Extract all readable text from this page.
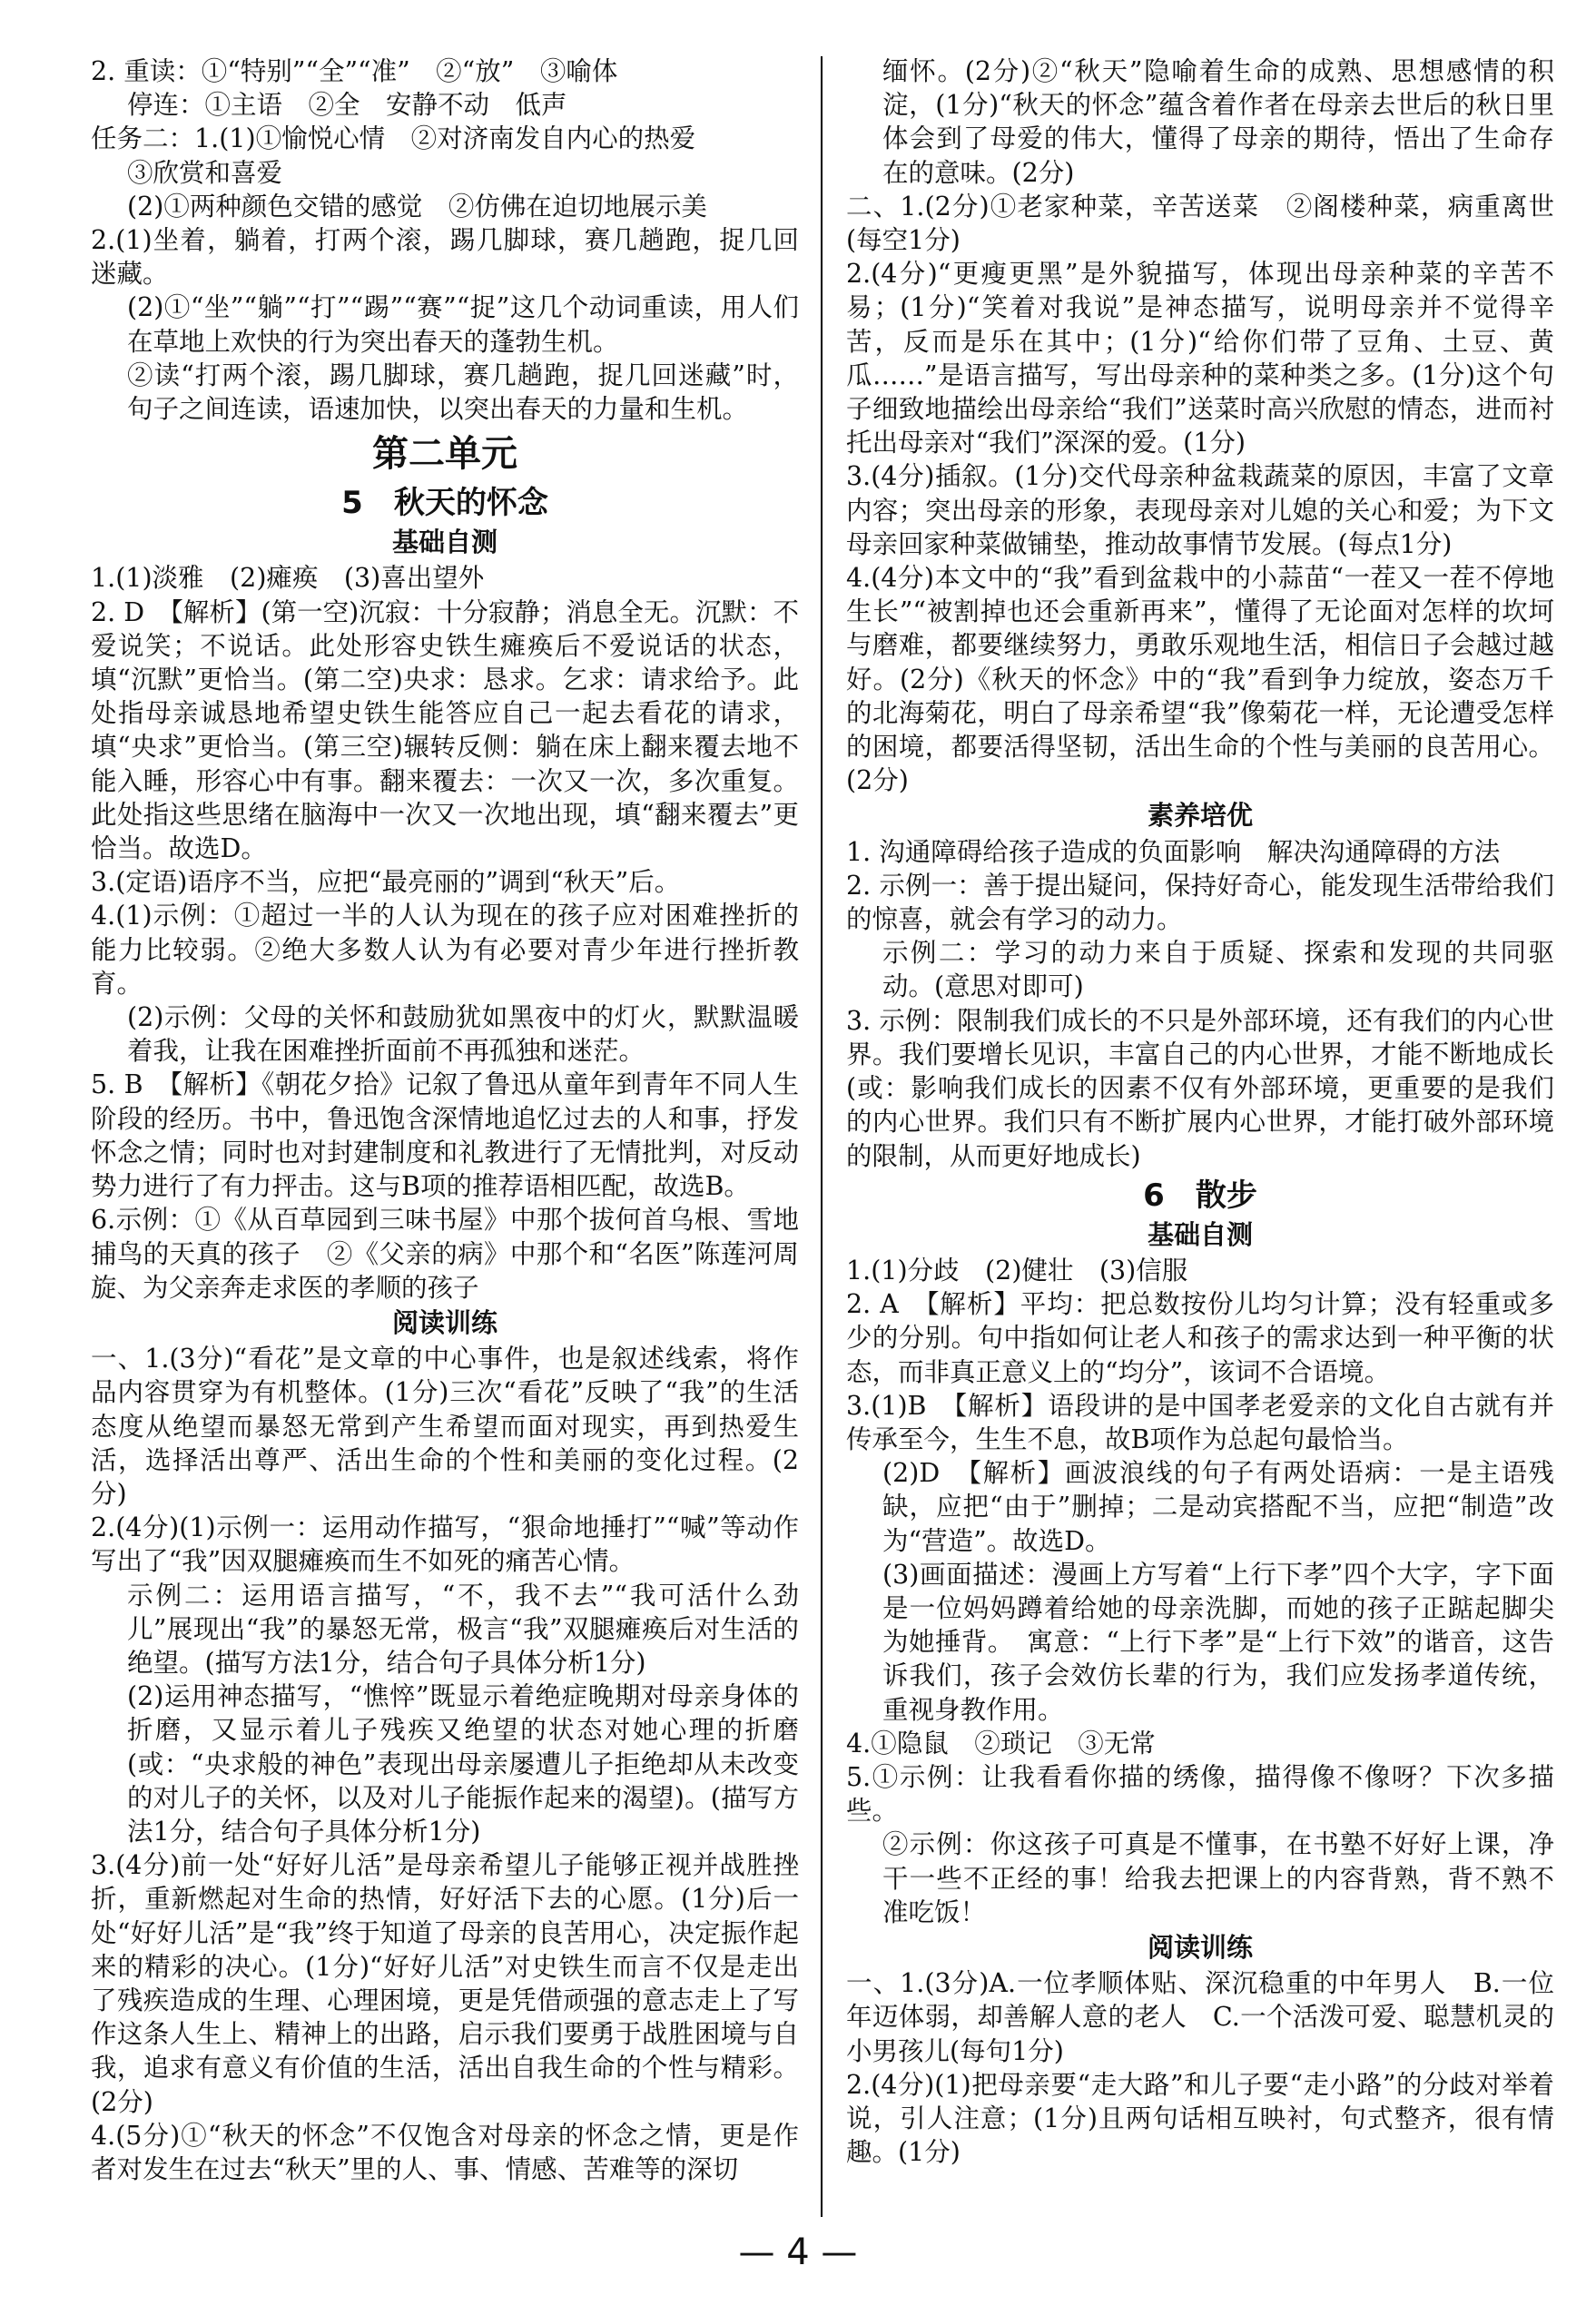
2. 重读：①“特别”“全”“准”　②“放”　③喻体
停连：①主语　②全　安静不动　低声
任务二：1.(1)①愉悦心情　②对济南发自内心的热爱
③欣赏和喜爱
(2)①两种颜色交错的感觉　②仿佛在迫切地展示美
2.(1)坐着，躺着，打两个滚，踢几脚球，赛几趟跑，捉几回迷藏。
(2)①“坐”“躺”“打”“踢”“赛”“捉”这几个动词重读，用人们在草地上欢快的行为突出春天的蓬勃生机。
②读“打两个滚，踢几脚球，赛几趟跑，捉几回迷藏”时，句子之间连读，语速加快，以突出春天的力量和生机。
第二单元
5　秋天的怀念
基础自测
1.(1)淡雅　(2)瘫痪　(3)喜出望外
2. D　【解析】(第一空)沉寂：十分寂静；消息全无。沉默：不爱说笑；不说话。此处形容史铁生瘫痪后不爱说话的状态，填“沉默”更恰当。(第二空)央求：恳求。乞求：请求给予。此处指母亲诚恳地希望史铁生能答应自己一起去看花的请求，填“央求”更恰当。(第三空)辗转反侧：躺在床上翻来覆去地不能入睡，形容心中有事。翻来覆去：一次又一次，多次重复。此处指这些思绪在脑海中一次又一次地出现，填“翻来覆去”更恰当。故选D。
3.(定语)语序不当，应把“最亮丽的”调到“秋天”后。
4.(1)示例：①超过一半的人认为现在的孩子应对困难挫折的能力比较弱。②绝大多数人认为有必要对青少年进行挫折教育。
(2)示例：父母的关怀和鼓励犹如黑夜中的灯火，默默温暖着我，让我在困难挫折面前不再孤独和迷茫。
5. B　【解析】《朝花夕拾》记叙了鲁迅从童年到青年不同人生阶段的经历。书中，鲁迅饱含深情地追忆过去的人和事，抒发怀念之情；同时也对封建制度和礼教进行了无情批判，对反动势力进行了有力抨击。这与B项的推荐语相匹配，故选B。
6.示例：①《从百草园到三味书屋》中那个拔何首乌根、雪地捕鸟的天真的孩子　②《父亲的病》中那个和“名医”陈莲河周旋、为父亲奔走求医的孝顺的孩子
阅读训练
一、1.(3分)“看花”是文章的中心事件，也是叙述线索，将作品内容贯穿为有机整体。(1分)三次“看花”反映了“我”的生活态度从绝望而暴怒无常到产生希望而面对现实，再到热爱生活，选择活出尊严、活出生命的个性和美丽的变化过程。(2分)
2.(4分)(1)示例一：运用动作描写，“狠命地捶打”“喊”等动作写出了“我”因双腿瘫痪而生不如死的痛苦心情。
示例二：运用语言描写，“不，我不去”“我可活什么劲儿”展现出“我”的暴怒无常，极言“我”双腿瘫痪后对生活的绝望。(描写方法1分，结合句子具体分析1分)
(2)运用神态描写，“憔悴”既显示着绝症晚期对母亲身体的折磨，又显示着儿子残疾又绝望的状态对她心理的折磨(或：“央求般的神色”表现出母亲屡遭儿子拒绝却从未改变的对儿子的关怀，以及对儿子能振作起来的渴望)。(描写方法1分，结合句子具体分析1分)
3.(4分)前一处“好好儿活”是母亲希望儿子能够正视并战胜挫折，重新燃起对生命的热情，好好活下去的心愿。(1分)后一处“好好儿活”是“我”终于知道了母亲的良苦用心，决定振作起来的精彩的决心。(1分)“好好儿活”对史铁生而言不仅是走出了残疾造成的生理、心理困境，更是凭借顽强的意志走上了写作这条人生上、精神上的出路，启示我们要勇于战胜困境与自我，追求有意义有价值的生活，活出自我生命的个性与精彩。(2分)
4.(5分)①“秋天的怀念”不仅饱含对母亲的怀念之情，更是作者对发生在过去“秋天”里的人、事、情感、苦难等的深切
缅怀。(2分)②“秋天”隐喻着生命的成熟、思想感情的积淀，(1分)“秋天的怀念”蕴含着作者在母亲去世后的秋日里体会到了母爱的伟大，懂得了母亲的期待，悟出了生命存在的意味。(2分)
二、1.(2分)①老家种菜，辛苦送菜　②阁楼种菜，病重离世(每空1分)
2.(4分)“更瘦更黑”是外貌描写，体现出母亲种菜的辛苦不易；(1分)“笑着对我说”是神态描写，说明母亲并不觉得辛苦，反而是乐在其中；(1分)“给你们带了豆角、土豆、黄瓜……”是语言描写，写出母亲种的菜种类之多。(1分)这个句子细致地描绘出母亲给“我们”送菜时高兴欣慰的情态，进而衬托出母亲对“我们”深深的爱。(1分)
3.(4分)插叙。(1分)交代母亲种盆栽蔬菜的原因，丰富了文章内容；突出母亲的形象，表现母亲对儿媳的关心和爱；为下文母亲回家种菜做铺垫，推动故事情节发展。(每点1分)
4.(4分)本文中的“我”看到盆栽中的小蒜苗“一茬又一茬不停地生长”“被割掉也还会重新再来”，懂得了无论面对怎样的坎坷与磨难，都要继续努力，勇敢乐观地生活，相信日子会越过越好。(2分)《秋天的怀念》中的“我”看到争力绽放，姿态万千的北海菊花，明白了母亲希望“我”像菊花一样，无论遭受怎样的困境，都要活得坚韧，活出生命的个性与美丽的良苦用心。(2分)
素养培优
1. 沟通障碍给孩子造成的负面影响　解决沟通障碍的方法
2. 示例一：善于提出疑问，保持好奇心，能发现生活带给我们的惊喜，就会有学习的动力。
示例二：学习的动力来自于质疑、探索和发现的共同驱动。(意思对即可)
3. 示例：限制我们成长的不只是外部环境，还有我们的内心世界。我们要增长见识，丰富自己的内心世界，才能不断地成长(或：影响我们成长的因素不仅有外部环境，更重要的是我们的内心世界。我们只有不断扩展内心世界，才能打破外部环境的限制，从而更好地成长)
6　散步
基础自测
1.(1)分歧　(2)健壮　(3)信服
2. A　【解析】平均：把总数按份儿均匀计算；没有轻重或多少的分别。句中指如何让老人和孩子的需求达到一种平衡的状态，而非真正意义上的“均分”，该词不合语境。
3.(1)B　【解析】语段讲的是中国孝老爱亲的文化自古就有并传承至今，生生不息，故B项作为总起句最恰当。
(2)D　【解析】画波浪线的句子有两处语病：一是主语残缺，应把“由于”删掉；二是动宾搭配不当，应把“制造”改为“营造”。故选D。
(3)画面描述：漫画上方写着“上行下孝”四个大字，字下面是一位妈妈蹲着给她的母亲洗脚，而她的孩子正踮起脚尖为她捶背。　寓意：“上行下孝”是“上行下效”的谐音，这告诉我们，孩子会效仿长辈的行为，我们应发扬孝道传统，重视身教作用。
4.①隐鼠　②琐记　③无常
5.①示例：让我看看你描的绣像，描得像不像呀？下次多描些。
②示例：你这孩子可真是不懂事，在书塾不好好上课，净干一些不正经的事！给我去把课上的内容背熟，背不熟不准吃饭！
阅读训练
一、1.(3分)A.一位孝顺体贴、深沉稳重的中年男人　B.一位年迈体弱，却善解人意的老人　C.一个活泼可爱、聪慧机灵的小男孩儿(每句1分)
2.(4分)(1)把母亲要“走大路”和儿子要“走小路”的分歧对举着说，引人注意；(1分)且两句话相互映衬，句式整齐，很有情趣。(1分)
— 4 —
